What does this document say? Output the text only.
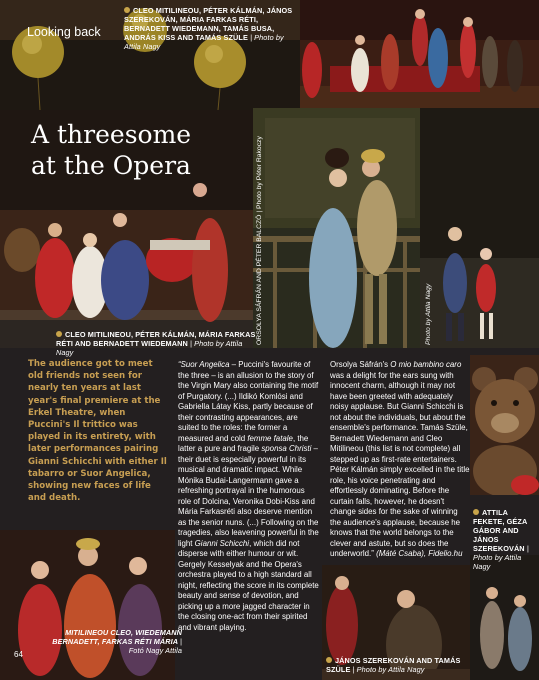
Looking back
A threesome
at the Opera
CLEO MITILINEOU, PÉTER KÁLMÁN, JÁNOS SZEREKOVÁN, MÁRIA FARKAS RÉTI, BERNADETT WIEDEMANN, TAMÁS BUSA, ANDRÁS KISS AND TAMÁS SZÜLE | Photo by Attila Nagy
CLEO MITILINEOU, PÉTER KÁLMÁN, MÁRIA FARKAS RÉTI AND BERNADETT WIEDEMANN | Photo by Attila Nagy
ORSOLYA SÁFRÁN AND PÉTER BALCZÓ | Photo by Péter Rakoczy	Photo by Attila Nagy
The audience got to meet old friends not seen for nearly ten years at last year's final premiere at the Erkel Theatre, when Puccini's Il trittico was played in its entirety, with later performances pairing Gianni Schicchi with either Il tabarro or Suor Angelica, showing new faces of life and death.
“Suor Angelica – Puccini's favourite of the three – is an allusion to the story of the Virgin Mary also containing the motif of Purgatory. (...) Ildikó Komlósi and Gabriella Látay Kiss, partly because of their contrasting appearances, are suited to the roles: the former a measured and cold femme fatale, the latter a pure and fragile sponsa Christi – their duet is especially powerful in its musical and dramatic impact. While Mónika Budai-Langermann gave a refreshing portrayal in the humorous role of Dolcina, Veronika Dobi-Kiss and Mária Farkasréti also deserve mention as the senior nuns. (...) Following on the tragedies, also leavening powerful in the light Gianni Schicchi, which did not disperse with either humour or wit. Gergely Kesselyak and the Opera's orchestra played to a high standard all night, reflecting the score in its complete beauty and sense of devotion, and picking up a more jagged character in the closing one-act from their spirited and vibrant playing.
Orsolya Sáfrán's O mio bambino caro was a delight for the ears sung with innocent charm, although it may not have been greeted with adequately noisy applause. But Gianni Schicchi is not about the individuals, but about the ensemble's performance. Tamás Szüle, Bernadett Wiedemann and Cleo Mitilineou (this list is not complete) all stepped up as first-rate entertainers. Péter Kálmán simply excelled in the title role, his voice penetrating and effortlessly dominating. Before the curtain falls, however, he doesn't change sides for the sake of winning the audience's applause, because he knows that the world belongs to the clever and astute, but so does the underworld.” (Máté Csaba), Fidelio.hu
ATTILA FEKETE, GÉZA GÁBOR AND JÁNOS SZEREKOVÁN | Photo by Attila Nagy
MITILINEOU CLEO, WIEDEMANN BERNADETT, FARKAS RÉTI MÁRIA | Fotó Nagy Attila
JÁNOS SZEREKOVÁN AND TAMÁS SZÜLE | Photo by Attila Nagy
64
